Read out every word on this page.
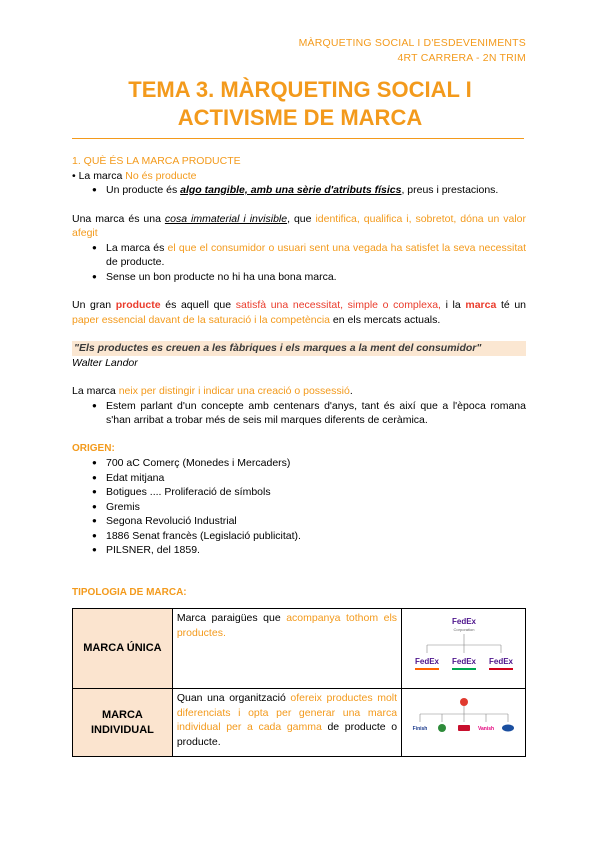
MÀRQUETING SOCIAL I D'ESDEVENIMENTS
4RT CARRERA - 2N TRIM
TEMA 3. MÀRQUETING SOCIAL I
ACTIVISME DE MARCA
1. QUÈ ÉS LA MARCA PRODUCTE
• La marca No és producte
● Un producte és algo tangible, amb una sèrie d'atributs físics, preus i prestacions.
Una marca és una cosa immaterial i invisible, que identifica, qualifica i, sobretot, dóna un valor afegit
● La marca és el que el consumidor o usuari sent una vegada ha satisfet la seva necessitat de producte.
● Sense un bon producte no hi ha una bona marca.
Un gran producte és aquell que satisfà una necessitat, simple o complexa, i la marca té un paper essencial davant de la saturació i la competència en els mercats actuals.
"Els productes es creuen a les fàbriques i els marques a la ment del consumidor"
Walter Landor
La marca neix per distingir i indicar una creació o possessió.
● Estem parlant d'un concepte amb centenars d'anys, tant és així que a l'època romana s'han arribat a trobar més de seis mil marques diferents de ceràmica.
ORIGEN:
● 700 aC Comerç (Monedes i Mercaders)
● Edat mitjana
● Botigues .... Proliferació de símbols
● Gremis
● Segona Revolució Industrial
● 1886 Senat francès (Legislació publicitat).
● PILSNER, del 1859.
TIPOLOGIA DE MARCA:
MARCA ÚNICA	Marca paraigües que acompanya tothom els productes.	FedEx
Corporation
FedEx FedEx FedEx

MARCA INDIVIDUAL	Quan una organització ofereix productes molt diferenciats i opta per generar una marca individual per a cada gamma de producte o producte.	Finish Vanish
